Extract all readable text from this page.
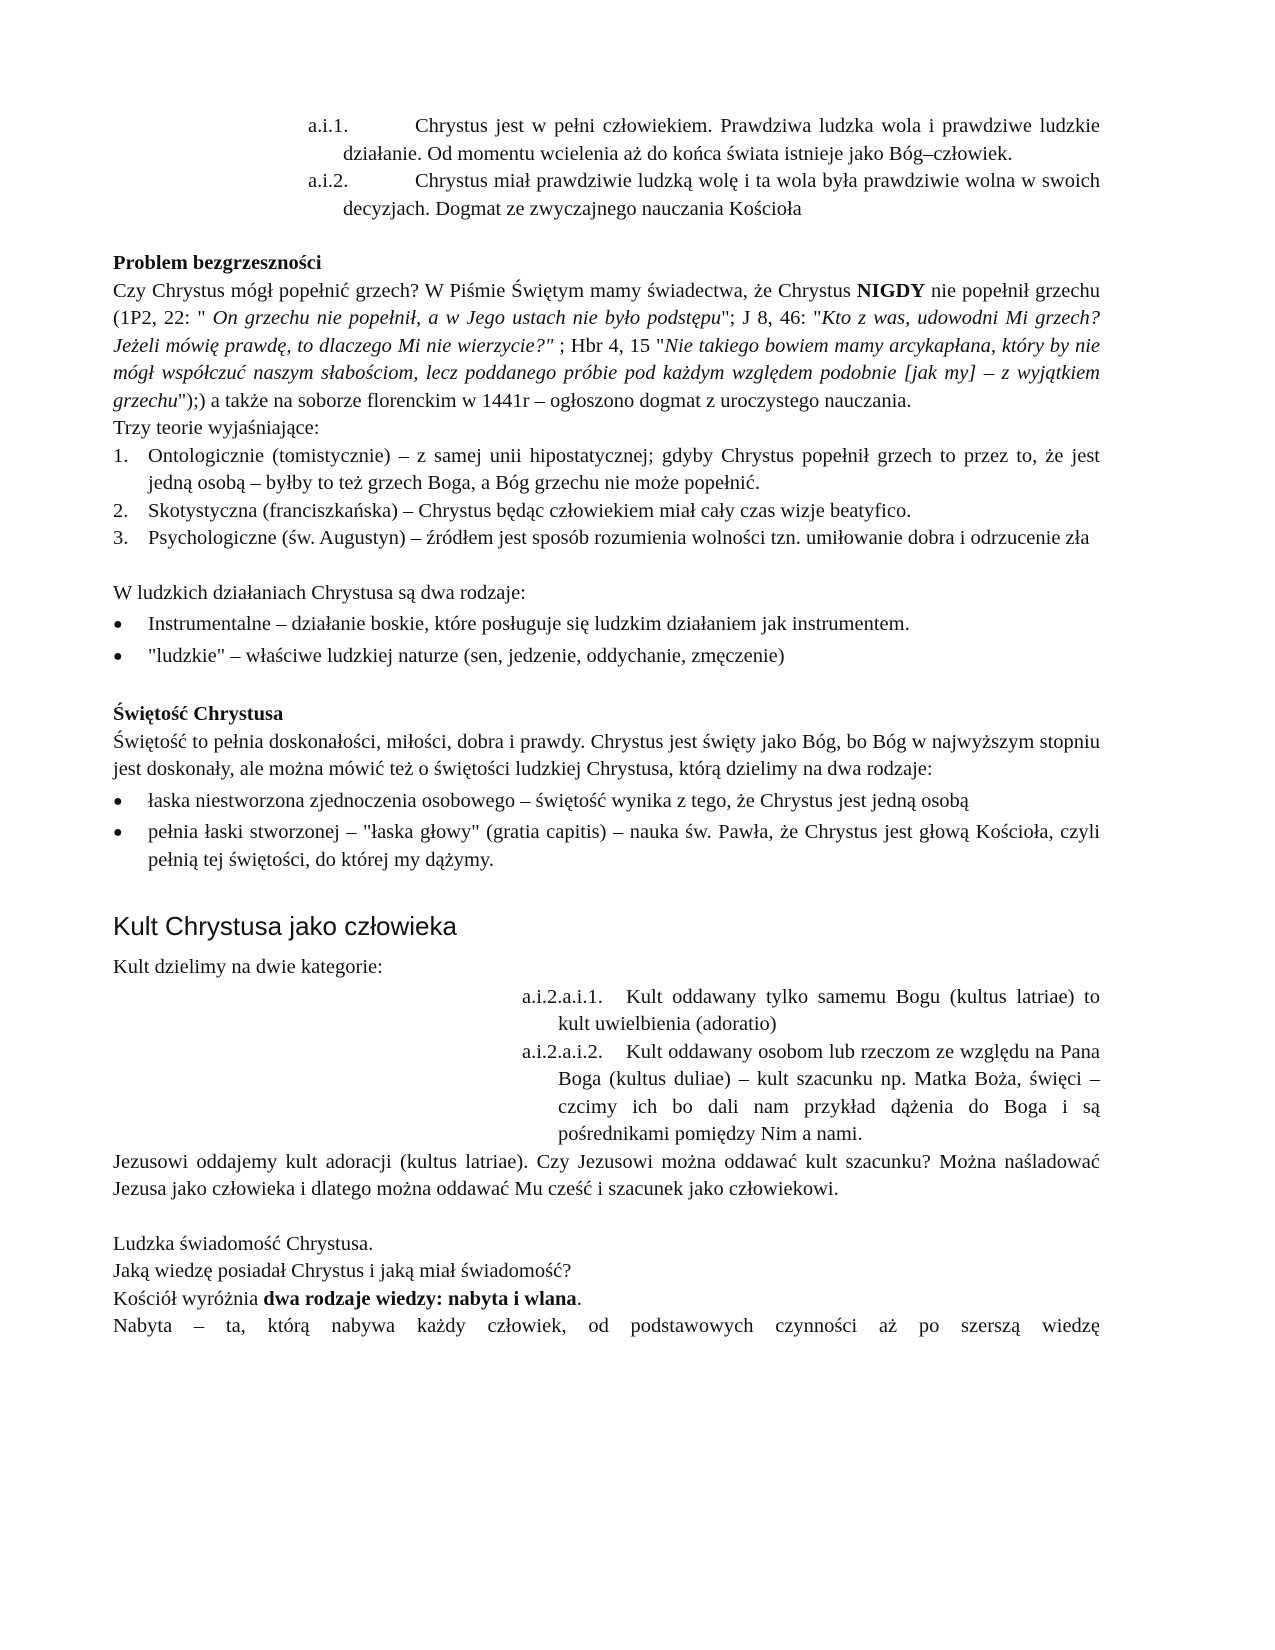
a.i.1.	Chrystus jest w pełni człowiekiem. Prawdziwa ludzka wola i prawdziwe ludzkie działanie. Od momentu wcielenia aż do końca świata istnieje jako Bóg–człowiek.
a.i.2.	Chrystus miał prawdziwie ludzką wolę i ta wola była prawdziwie wolna w swoich decyzjach. Dogmat ze zwyczajnego nauczania Kościoła

Problem bezgrzeszności

Czy Chrystus mógł popełnić grzech? W Piśmie Świętym mamy świadectwa, że Chrystus NIGDY nie popełnił grzechu (1P2, 22: " On grzechu nie popełnił, a w Jego ustach nie było podstępu"; J 8, 46: "Kto z was, udowodni Mi grzech? Jeżeli mówię prawdę, to dlaczego Mi nie wierzycie?" ; Hbr 4, 15 "Nie takiego bowiem mamy arcykapłana, który by nie mógł współczuć naszym słabościom, lecz poddanego próbie pod każdym względem podobnie [jak my] – z wyjątkiem grzechu");) a także na soborze florenckim w 1441r – ogłoszono dogmat z uroczystego nauczania.

Trzy teorie wyjaśniające:

1. Ontologicznie (tomistycznie) – z samej unii hipostatycznej; gdyby Chrystus popełnił grzech to przez to, że jest jedną osobą – byłby to też grzech Boga, a Bóg grzechu nie może popełnić.
2. Skotystyczna (franciszkańska) – Chrystus będąc człowiekiem miał cały czas wizje beatyfico.
3. Psychologiczne (św. Augustyn) – źródłem jest sposób rozumienia wolności tzn. umiłowanie dobra i odrzucenie zła

W ludzkich działaniach Chrystusa są dwa rodzaje:

● Instrumentalne – działanie boskie, które posługuje się ludzkim działaniem jak instrumentem.
● "ludzkie" – właściwe ludzkiej naturze (sen, jedzenie, oddychanie, zmęczenie)

Świętość Chrystusa

Świętość to pełnia doskonałości, miłości, dobra i prawdy. Chrystus jest święty jako Bóg, bo Bóg w najwyższym stopniu jest doskonały, ale można mówić też o świętości ludzkiej Chrystusa, którą dzielimy na dwa rodzaje:

● łaska niestworzona zjednoczenia osobowego – świętość wynika z tego, że Chrystus jest jedną osobą
● pełnia łaski stworzonej – "łaska głowy" (gratia capitis) – nauka św. Pawła, że Chrystus jest głową Kościoła, czyli pełnią tej świętości, do której my dążymy.
Kult Chrystusa jako człowieka

Kult dzielimy na dwie kategorie:

a.i.2.a.i.1. Kult oddawany tylko samemu Bogu (kultus latriae) to kult uwielbienia (adoratio)
a.i.2.a.i.2. Kult oddawany osobom lub rzeczom ze względu na Pana Boga (kultus duliae) – kult szacunku np. Matka Boża, święci – czcimy ich bo dali nam przykład dążenia do Boga i są pośrednikami pomiędzy Nim a nami.

Jezusowi oddajemy kult adoracji (kultus latriae). Czy Jezusowi można oddawać kult szacunku? Można naśladować Jezusa jako człowieka i dlatego można oddawać Mu cześć i szacunek jako człowiekowi.

Ludzka świadomość Chrystusa.

Jaką wiedzę posiadał Chrystus i jaką miał świadomość?

Kościół wyróżnia dwa rodzaje wiedzy: nabyta i wlana.

Nabyta – ta, którą nabywa każdy człowiek, od podstawowych czynności aż po szerszą wiedzę
